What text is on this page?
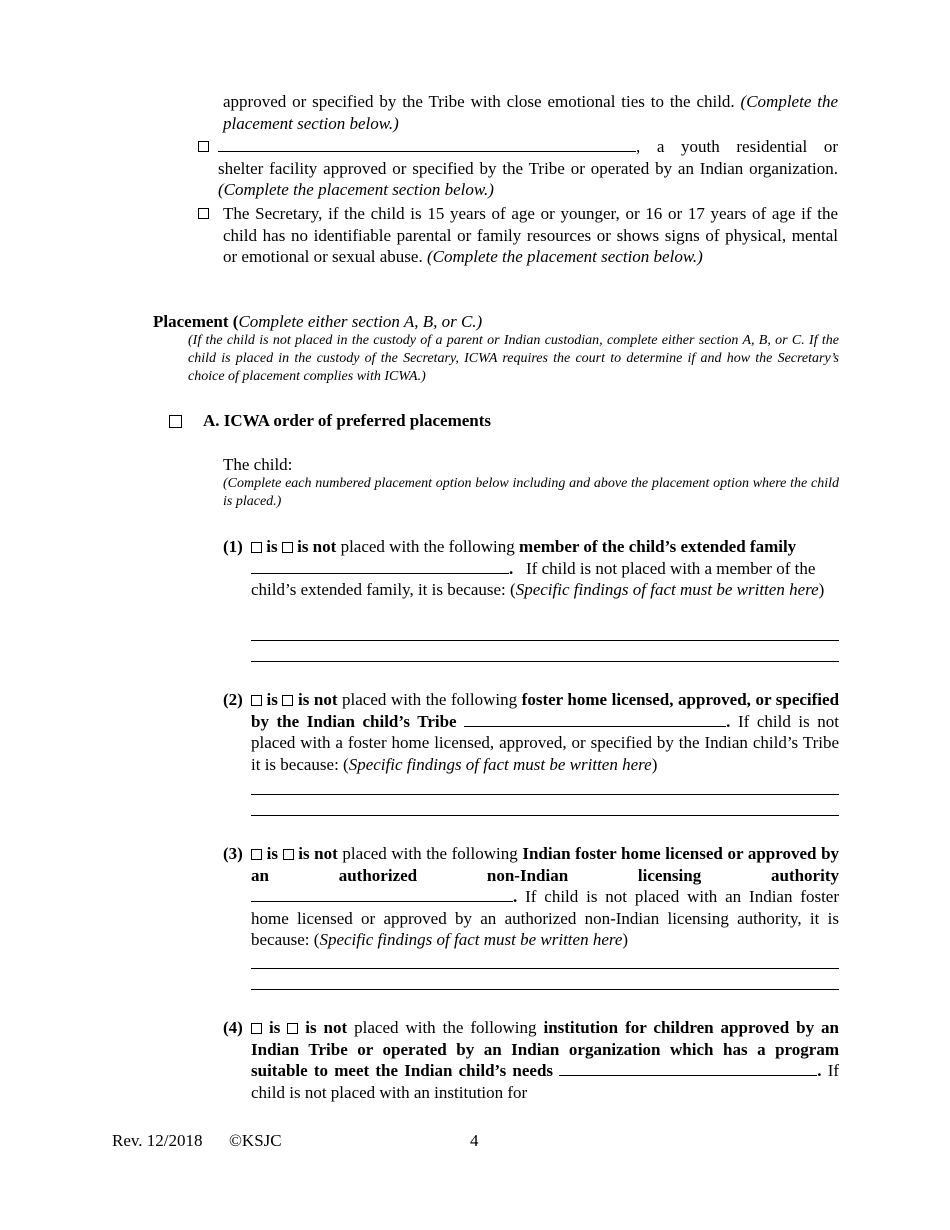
approved or specified by the Tribe with close emotional ties to the child. (Complete the placement section below.)
, a youth residential or shelter facility approved or specified by the Tribe or operated by an Indian organization. (Complete the placement section below.)
The Secretary, if the child is 15 years of age or younger, or 16 or 17 years of age if the child has no identifiable parental or family resources or shows signs of physical, mental or emotional or sexual abuse. (Complete the placement section below.)
Placement (Complete either section A, B, or C.)
(If the child is not placed in the custody of a parent or Indian custodian, complete either section A, B, or C. If the child is placed in the custody of the Secretary, ICWA requires the court to determine if and how the Secretary’s choice of placement complies with ICWA.)
A. ICWA order of preferred placements
The child:
(Complete each numbered placement option below including and above the placement option where the child is placed.)
(1)	is is not placed with the following member of the child’s extended family . If child is not placed with a member of the child’s extended family, it is because: (Specific findings of fact must be written here)
(2)	is is not placed with the following foster home licensed, approved, or specified by the Indian child’s Tribe	. If child is not placed with a foster home licensed, approved, or specified by the Indian child’s Tribe it is because: (Specific findings of fact must be written here)
(3)	is is not placed with the following Indian foster home licensed or approved by an authorized non-Indian licensing authority . If child is not placed with an Indian foster home licensed or approved by an authorized non-Indian licensing authority, it is because: (Specific findings of fact must be written here)
(4)	is is not placed with the following institution for children approved by an Indian Tribe or operated by an Indian organization which has a program suitable to meet the Indian child’s needs	. If child is not placed with an institution for
Rev. 12/2018 ©KSJC	4
